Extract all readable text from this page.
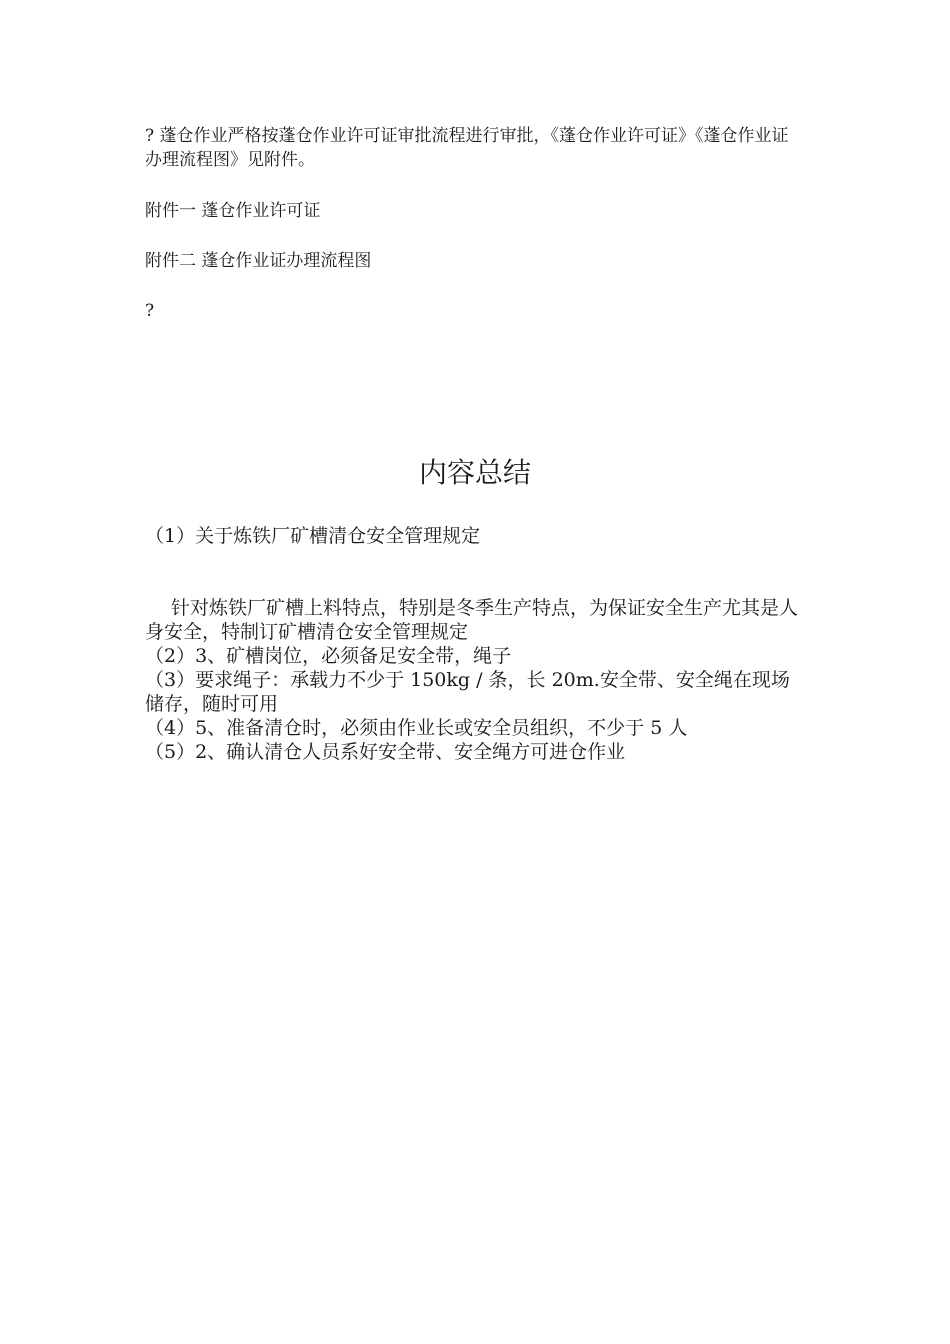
? 蓬仓作业严格按蓬仓作业许可证审批流程进行审批，《蓬仓作业许可证》《蓬仓作业证办理流程图》见附件。

附件一 蓬仓作业许可证

附件二 蓬仓作业证办理流程图

?

内容总结

（1）关于炼铁厂矿槽清仓安全管理规定

针对炼铁厂矿槽上料特点，特别是冬季生产特点，为保证安全生产尤其是人身安全，特制订矿槽清仓安全管理规定

（2）3、矿槽岗位，必须备足安全带，绳子

（3）要求绳子：承载力不少于 150kg / 条，长 20m.安全带、安全绳在现场储存，随时可用

（4）5、准备清仓时，必须由作业长或安全员组织，不少于 5 人

（5）2、确认清仓人员系好安全带、安全绳方可进仓作业
